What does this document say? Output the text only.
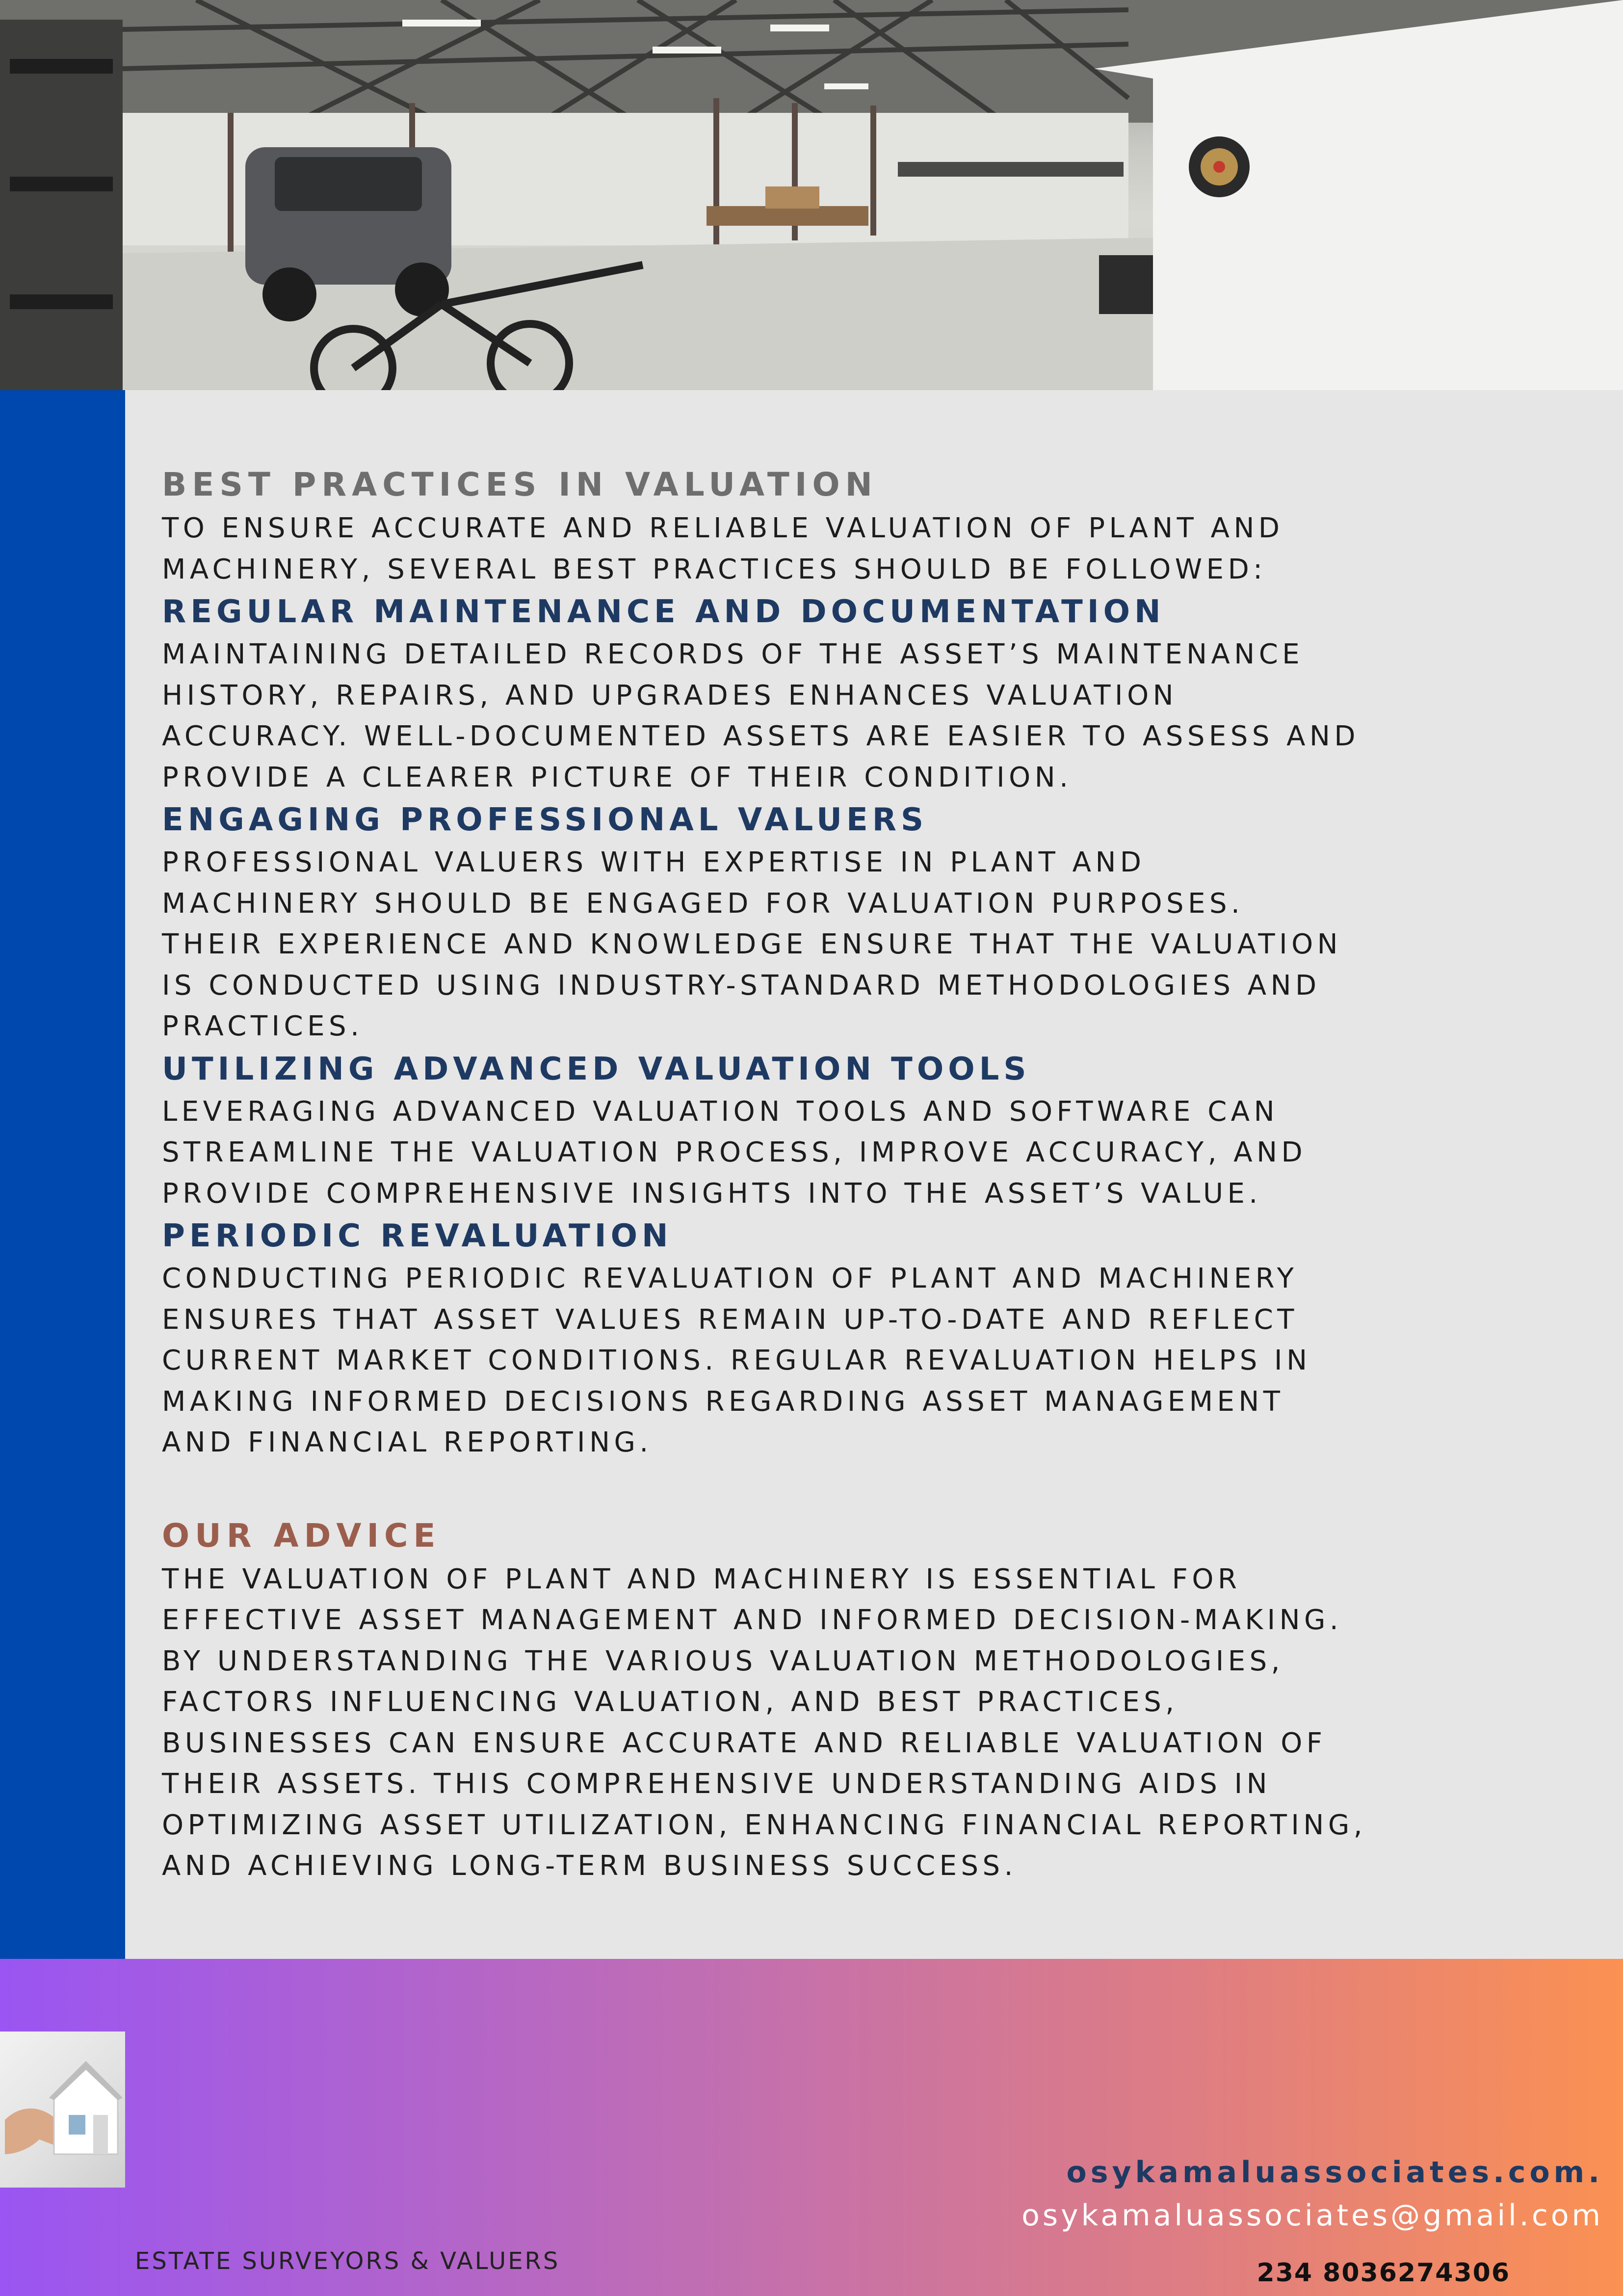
BEST PRACTICES IN VALUATION

TO ENSURE ACCURATE AND RELIABLE VALUATION OF PLANT AND

MACHINERY, SEVERAL BEST PRACTICES SHOULD BE FOLLOWED:

REGULAR MAINTENANCE AND DOCUMENTATION

MAINTAINING DETAILED RECORDS OF THE ASSET’S MAINTENANCE

HISTORY, REPAIRS, AND UPGRADES ENHANCES VALUATION

ACCURACY. WELL-DOCUMENTED ASSETS ARE EASIER TO ASSESS AND

PROVIDE A CLEARER PICTURE OF THEIR CONDITION.

ENGAGING PROFESSIONAL VALUERS

PROFESSIONAL VALUERS WITH EXPERTISE IN PLANT AND

MACHINERY SHOULD BE ENGAGED FOR VALUATION PURPOSES.

THEIR EXPERIENCE AND KNOWLEDGE ENSURE THAT THE VALUATION

IS CONDUCTED USING INDUSTRY-STANDARD METHODOLOGIES AND

PRACTICES.

UTILIZING ADVANCED VALUATION TOOLS

LEVERAGING ADVANCED VALUATION TOOLS AND SOFTWARE CAN

STREAMLINE THE VALUATION PROCESS, IMPROVE ACCURACY, AND

PROVIDE COMPREHENSIVE INSIGHTS INTO THE ASSET’S VALUE.

PERIODIC REVALUATION

CONDUCTING PERIODIC REVALUATION OF PLANT AND MACHINERY

ENSURES THAT ASSET VALUES REMAIN UP-TO-DATE AND REFLECT

CURRENT MARKET CONDITIONS. REGULAR REVALUATION HELPS IN

MAKING INFORMED DECISIONS REGARDING ASSET MANAGEMENT

AND FINANCIAL REPORTING.

OUR ADVICE

THE VALUATION OF PLANT AND MACHINERY IS ESSENTIAL FOR

EFFECTIVE ASSET MANAGEMENT AND INFORMED DECISION-MAKING.

BY UNDERSTANDING THE VARIOUS VALUATION METHODOLOGIES,

FACTORS INFLUENCING VALUATION, AND BEST PRACTICES,

BUSINESSES CAN ENSURE ACCURATE AND RELIABLE VALUATION OF

THEIR ASSETS. THIS COMPREHENSIVE UNDERSTANDING AIDS IN

OPTIMIZING ASSET UTILIZATION, ENHANCING FINANCIAL REPORTING,

AND ACHIEVING LONG-TERM BUSINESS SUCCESS.

ESTATE SURVEYORS & VALUERS
osykamaluassociates.com.
osykamaluassociates@gmail.com
234 8036274306
